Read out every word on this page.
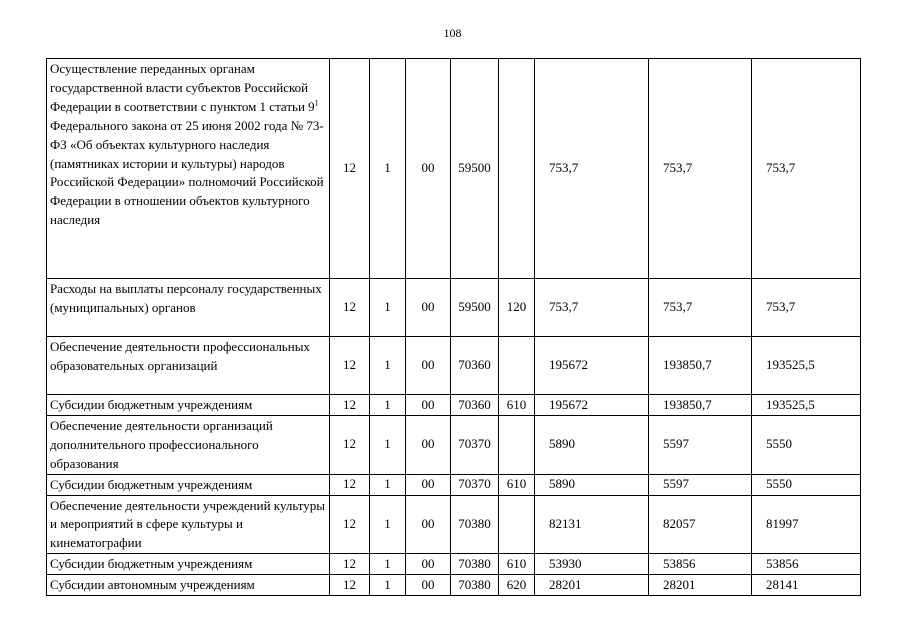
108
Осуществление переданных органам государственной власти субъектов Российской Федерации в соответствии с пунктом 1 статьи $9^1$ Федерального закона от 25 июня 2002 года № 73-ФЗ «Об объектах культурного наследия (памятниках истории и культуры) народов Российской Федерации» полномочий Российской Федерации в отношении объектов культурного наследия	12	1	00	59500		753,7	753,7	753,7
Расходы на выплаты персоналу государственных (муниципальных) органов	12	1	00	59500	120	753,7	753,7	753,7
Обеспечение деятельности профессиональных образовательных организаций	12	1	00	70360		195672	193850,7	193525,5
Субсидии бюджетным учреждениям	12	1	00	70360	610	195672	193850,7	193525,5
Обеспечение деятельности организаций дополнительного профессионального образования	12	1	00	70370		5890	5597	5550
Субсидии бюджетным учреждениям	12	1	00	70370	610	5890	5597	5550
Обеспечение деятельности учреждений культуры и мероприятий в сфере культуры и кинематографии	12	1	00	70380		82131	82057	81997
Субсидии бюджетным учреждениям	12	1	00	70380	610	53930	53856	53856
Субсидии автономным учреждениям	12	1	00	70380	620	28201	28201	28141
